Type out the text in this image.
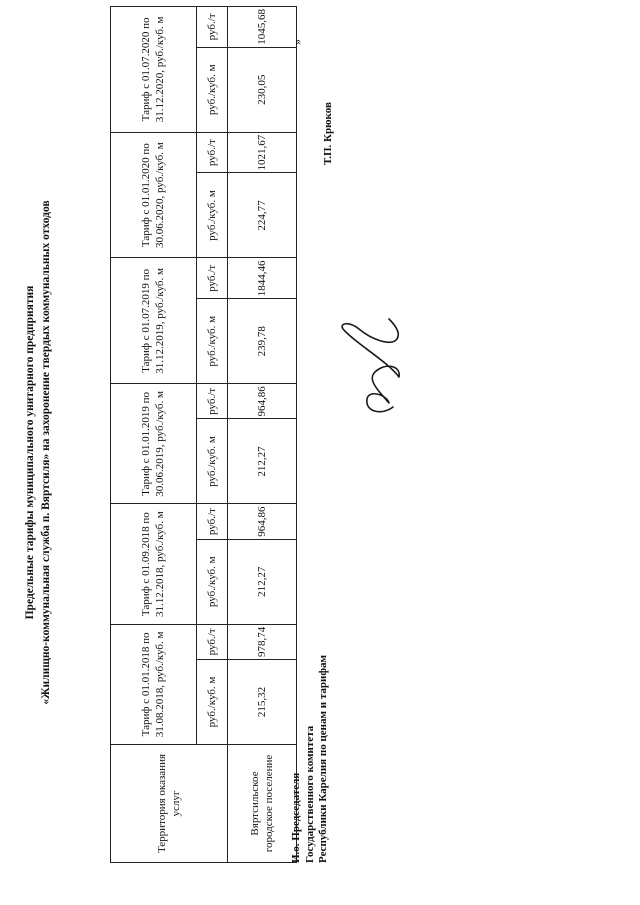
Предельные тарифы муниципального унитарного предприятия «Жилищно-коммунальная служба п. Вяртсиля» на захоронение твердых коммунальных отходов
Территория оказания услуг	Тариф с 01.01.2018 по 31.08.2018, руб./куб. м		Тариф с 01.09.2018 по 31.12.2018, руб./куб. м		Тариф с 01.01.2019 по 30.06.2019, руб./куб. м		Тариф с 01.07.2019 по 31.12.2019, руб./куб. м		Тариф с 01.01.2020 по 30.06.2020, руб./куб. м		Тариф с 01.07.2020 по 31.12.2020, руб./куб. м	
	руб./куб. м	руб./т	руб./куб. м	руб./т	руб./куб. м	руб./т	руб./куб. м	руб./т	руб./куб. м	руб./т	руб./куб. м	руб./т
Вяртсильское городское поселение	215,32	978,74	212,27	964,86	212,27	964,86	239,78	1844,46	224,77	1021,67	230,05	1045,68 »
И.о. Председателя Государственного комитета Республики Карелия по ценам и тарифам
Т.П. Крюков
